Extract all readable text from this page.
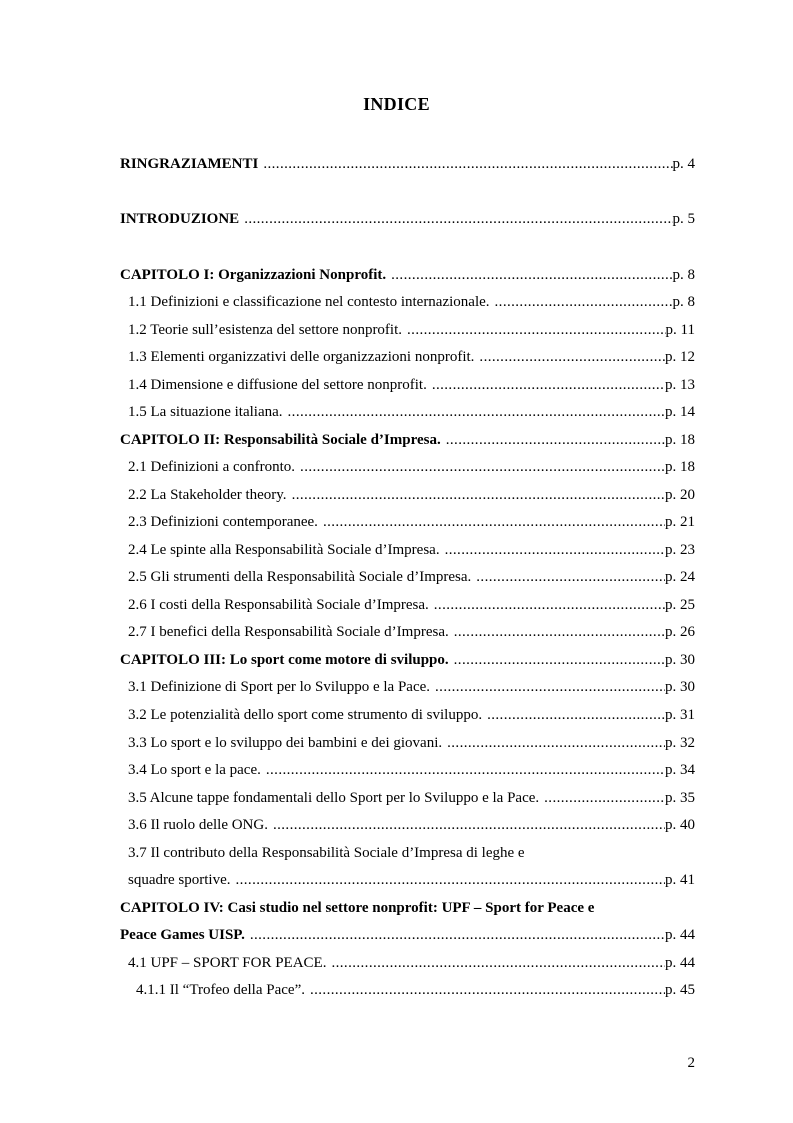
INDICE
RINGRAZIAMENTI .....	p. 4
INTRODUZIONE .....	p. 5
CAPITOLO I: Organizzazioni Nonprofit. .....	p. 8
1.1 Definizioni e classificazione nel contesto internazionale. .....	p. 8
1.2 Teorie sull’esistenza del settore nonprofit. .....	p. 11
1.3 Elementi organizzativi delle organizzazioni nonprofit. .....	p. 12
1.4 Dimensione e diffusione del settore nonprofit. .....	p. 13
1.5 La situazione italiana. .....	p. 14
CAPITOLO II: Responsabilità Sociale d’Impresa. .....	p. 18
2.1 Definizioni a confronto. .....	p. 18
2.2 La Stakeholder theory. .....	p. 20
2.3 Definizioni contemporanee. .....	p. 21
2.4 Le spinte alla Responsabilità Sociale d’Impresa. .....	p. 23
2.5 Gli strumenti della Responsabilità Sociale d’Impresa. .....	p. 24
2.6 I costi della Responsabilità Sociale d’Impresa. .....	p. 25
2.7 I benefici della Responsabilità Sociale d’Impresa. .....	p. 26
CAPITOLO III: Lo sport come motore di sviluppo. .....	p. 30
3.1 Definizione di Sport per lo Sviluppo e la Pace. .....	p. 30
3.2 Le potenzialità dello sport come strumento di sviluppo. .....	p. 31
3.3 Lo sport e lo sviluppo dei bambini e dei giovani. .....	p. 32
3.4 Lo sport e la pace. .....	p. 34
3.5 Alcune tappe fondamentali dello Sport per lo Sviluppo e la Pace. .....	p. 35
3.6 Il ruolo delle ONG. .....	p. 40
3.7 Il contributo della Responsabilità Sociale d’Impresa di leghe e
squadre sportive. .....	p. 41
CAPITOLO IV: Casi studio nel settore nonprofit: UPF – Sport for Peace e
Peace Games UISP. .....	p. 44
4.1 UPF – SPORT FOR PEACE. .....	p. 44
4.1.1 Il “Trofeo della Pace”. .....	p. 45
2
